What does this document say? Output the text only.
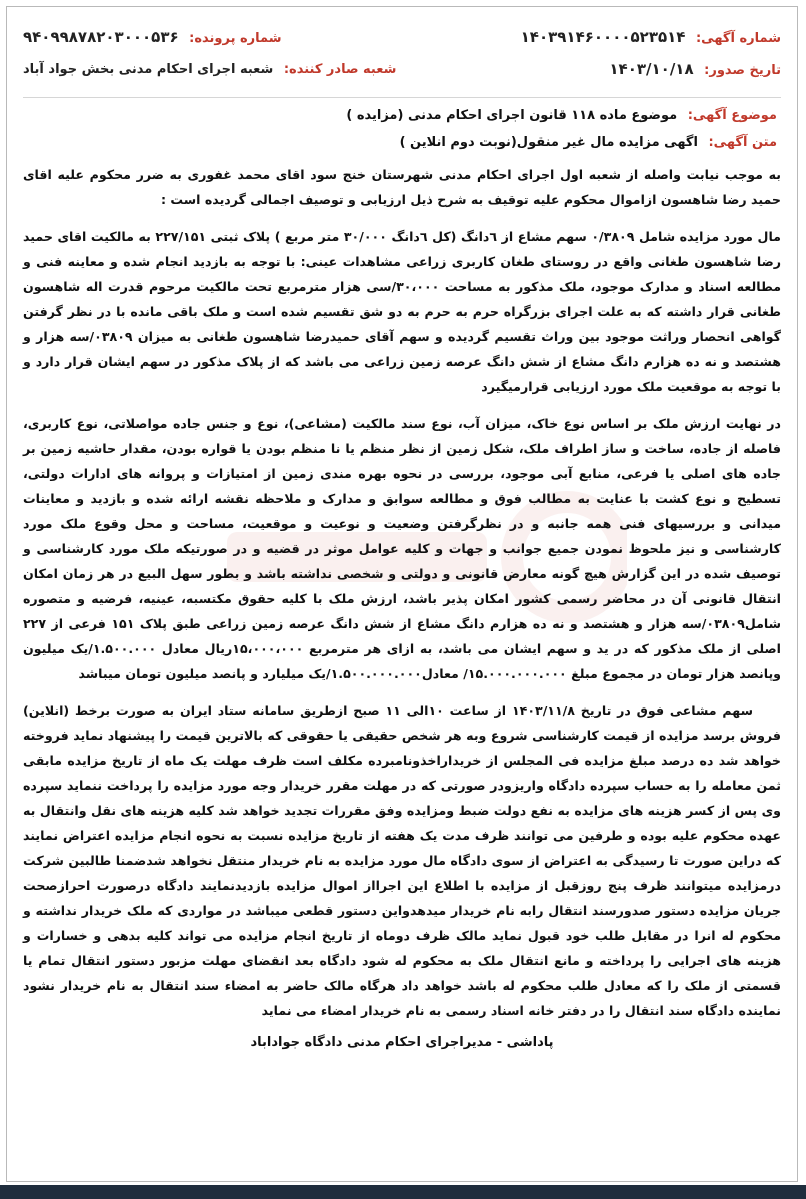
شماره آگهی: ۱۴۰۳۹۱۴۶۰۰۰۰۵۲۳۵۱۴
شماره پرونده: ۹۴۰۹۹۸۷۸۲۰۳۰۰۰۵۳۶
تاریخ صدور: ۱۴۰۳/۱۰/۱۸
شعبه صادر کننده: شعبه اجرای احکام مدنی بخش جواد آباد
موضوع آگهی: موضوع ماده ۱۱۸ قانون اجرای احکام مدنی (مزایده )
متن آگهی: اگهی مزایده مال غیر منقول(نوبت دوم انلاین )

به موجب نیابت واصله از شعبه اول اجرای احکام مدنی شهرستان خنج سود اقای محمد غفوری به ضرر محکوم علیه اقای حمید رضا شاهسون ازاموال محکوم علیه توقیف به شرح ذیل ارزیابی و توصیف اجمالی گردیده است :

مال مورد مزایده شامل ۰/۳۸۰۹ سهم مشاع از ٦دانگ (کل ٦دانگ ۳۰/۰۰۰ متر مربع ) پلاک ثبتی ۲۲۷/۱۵۱ به مالکیت اقای حمید رضا شاهسون طغانی واقع در روستای طغان کاربری زراعی مشاهدات عینی: با توجه به بازدید انجام شده و معاینه فنی و مطالعه اسناد و مدارک موجود، ملک مذکور به مساحت ۳۰،۰۰۰/سی هزار مترمربع تحت مالکیت مرحوم قدرت اله شاهسون طغانی قرار داشته که به علت اجرای بزرگراه حرم به حرم به دو شق تقسیم شده است و ملک باقی مانده با در نظر گرفتن گواهی انحصار وراثت موجود بین وراث تقسیم گردیده و سهم آقای حمیدرضا شاهسون طغانی به میزان ۰۳۸۰۹/سه هزار و هشتصد و نه ده هزارم دانگ مشاع از شش دانگ عرصه زمین زراعی می باشد که از پلاک مذکور در سهم ایشان قرار دارد و با توجه به موقعیت ملک مورد ارزیابی قرارمیگیرد

در نهایت ارزش ملک بر اساس نوع خاک، میزان آب، نوع سند مالکیت (مشاعی)، نوع و جنس جاده مواصلاتی، نوع کاربری، فاصله از جاده، ساخت و ساز اطراف ملک، شکل زمین از نظر منظم یا نا منظم بودن یا قواره بودن، مقدار حاشیه زمین بر جاده های اصلی یا فرعی، منابع آبی موجود، بررسی در نحوه بهره مندی زمین از امتیازات و پروانه های ادارات دولتی، تسطیح و نوع کشت با عنایت به مطالب فوق و مطالعه سوابق و مدارک و ملاحظه نقشه ارائه شده و بازدید و معاینات میدانی و بررسیهای فنی همه جانبه و در نظرگرفتن وضعیت و نوعیت و موقعیت، مساحت و محل وقوع ملک مورد کارشناسی و نیز ملحوظ نمودن جمیع جوانب و جهات و کلیه عوامل موثر در قضیه و در صورتیکه ملک مورد کارشناسی و توصیف شده در این گزارش هیچ گونه معارض قانونی و دولتی و شخصی نداشته باشد و بطور سهل البیع در هر زمان امکان انتقال قانونی آن در محاضر رسمی کشور امکان پذیر باشد، ارزش ملک با کلیه حقوق مکتسبه، عینیه، فرضیه و متصوره شامل۰۳۸۰۹/سه هزار و هشتصد و نه ده هزارم دانگ مشاع از شش دانگ عرصه زمین زراعی طبق پلاک ۱۵۱ فرعی از ۲۲۷ اصلی از ملک مذکور که در ید و سهم ایشان می باشد، به ازای هر مترمربع ۱۵،۰۰۰،۰۰۰ریال معادل ۱.۵۰۰.۰۰۰/یک میلیون وپانصد هزار تومان در مجموع مبلغ ۱۵.۰۰۰.۰۰۰.۰۰۰/ معادل۱.۵۰۰.۰۰۰.۰۰۰/یک میلیارد و پانصد میلیون تومان میباشد

سهم مشاعی فوق در تاریخ ۱۴۰۳/۱۱/۸ از ساعت ۱۰الی ۱۱ صبح ازطریق سامانه ستاد ایران به صورت برخط (انلاین) فروش برسد مزایده از قیمت کارشناسی شروع وبه هر شخص حقیقی یا حقوقی که بالاترین قیمت را پیشنهاد نماید فروخته خواهد شد ده درصد مبلغ مزایده فی المجلس از خریداراخذونامبرده مکلف است ظرف مهلت یک ماه از تاریخ مزایده مابقی ثمن معامله را به حساب سپرده دادگاه واریزودر صورتی که در مهلت مقرر خریدار وجه مورد مزایده را پرداخت ننماید سپرده وی پس از کسر هزینه های مزایده به نفع دولت ضبط ومزایده وفق مقررات تجدید خواهد شد کلیه هزینه های نقل وانتقال به عهده محکوم علیه بوده و طرفین می توانند ظرف مدت یک هفته از تاریخ مزایده نسبت به نحوه انجام مزایده اعتراض نمایند که دراین صورت تا رسیدگی به اعتراض از سوی دادگاه مال مورد مزایده به نام خریدار منتقل نخواهد شدضمنا طالبین شرکت درمزایده میتوانند ظرف پنج روزقبل از مزایده با اطلاع این اجرااز اموال مزایده بازدیدنمایند دادگاه درصورت احرازصحت جریان مزایده دستور صدورسند انتقال رابه نام خریدار میدهدواین دستور قطعی میباشد در مواردی که ملک خریدار نداشته و محکوم له انرا در مقابل طلب خود قبول نماید مالک ظرف دوماه از تاریخ انجام مزایده می تواند کلیه بدهی و خسارات و هزینه های اجرایی را پرداخته و مانع انتقال ملک به محکوم له شود دادگاه بعد انقضای مهلت مزبور دستور انتقال تمام یا قسمتی از ملک را که معادل طلب محکوم له باشد خواهد داد هرگاه مالک حاضر به امضاء سند انتقال به نام خریدار نشود نماینده دادگاه سند انتقال را در دفتر خانه اسناد رسمی به نام خریدار امضاء می نماید

پاداشی - مدیراجرای احکام مدنی دادگاه جواداباد
